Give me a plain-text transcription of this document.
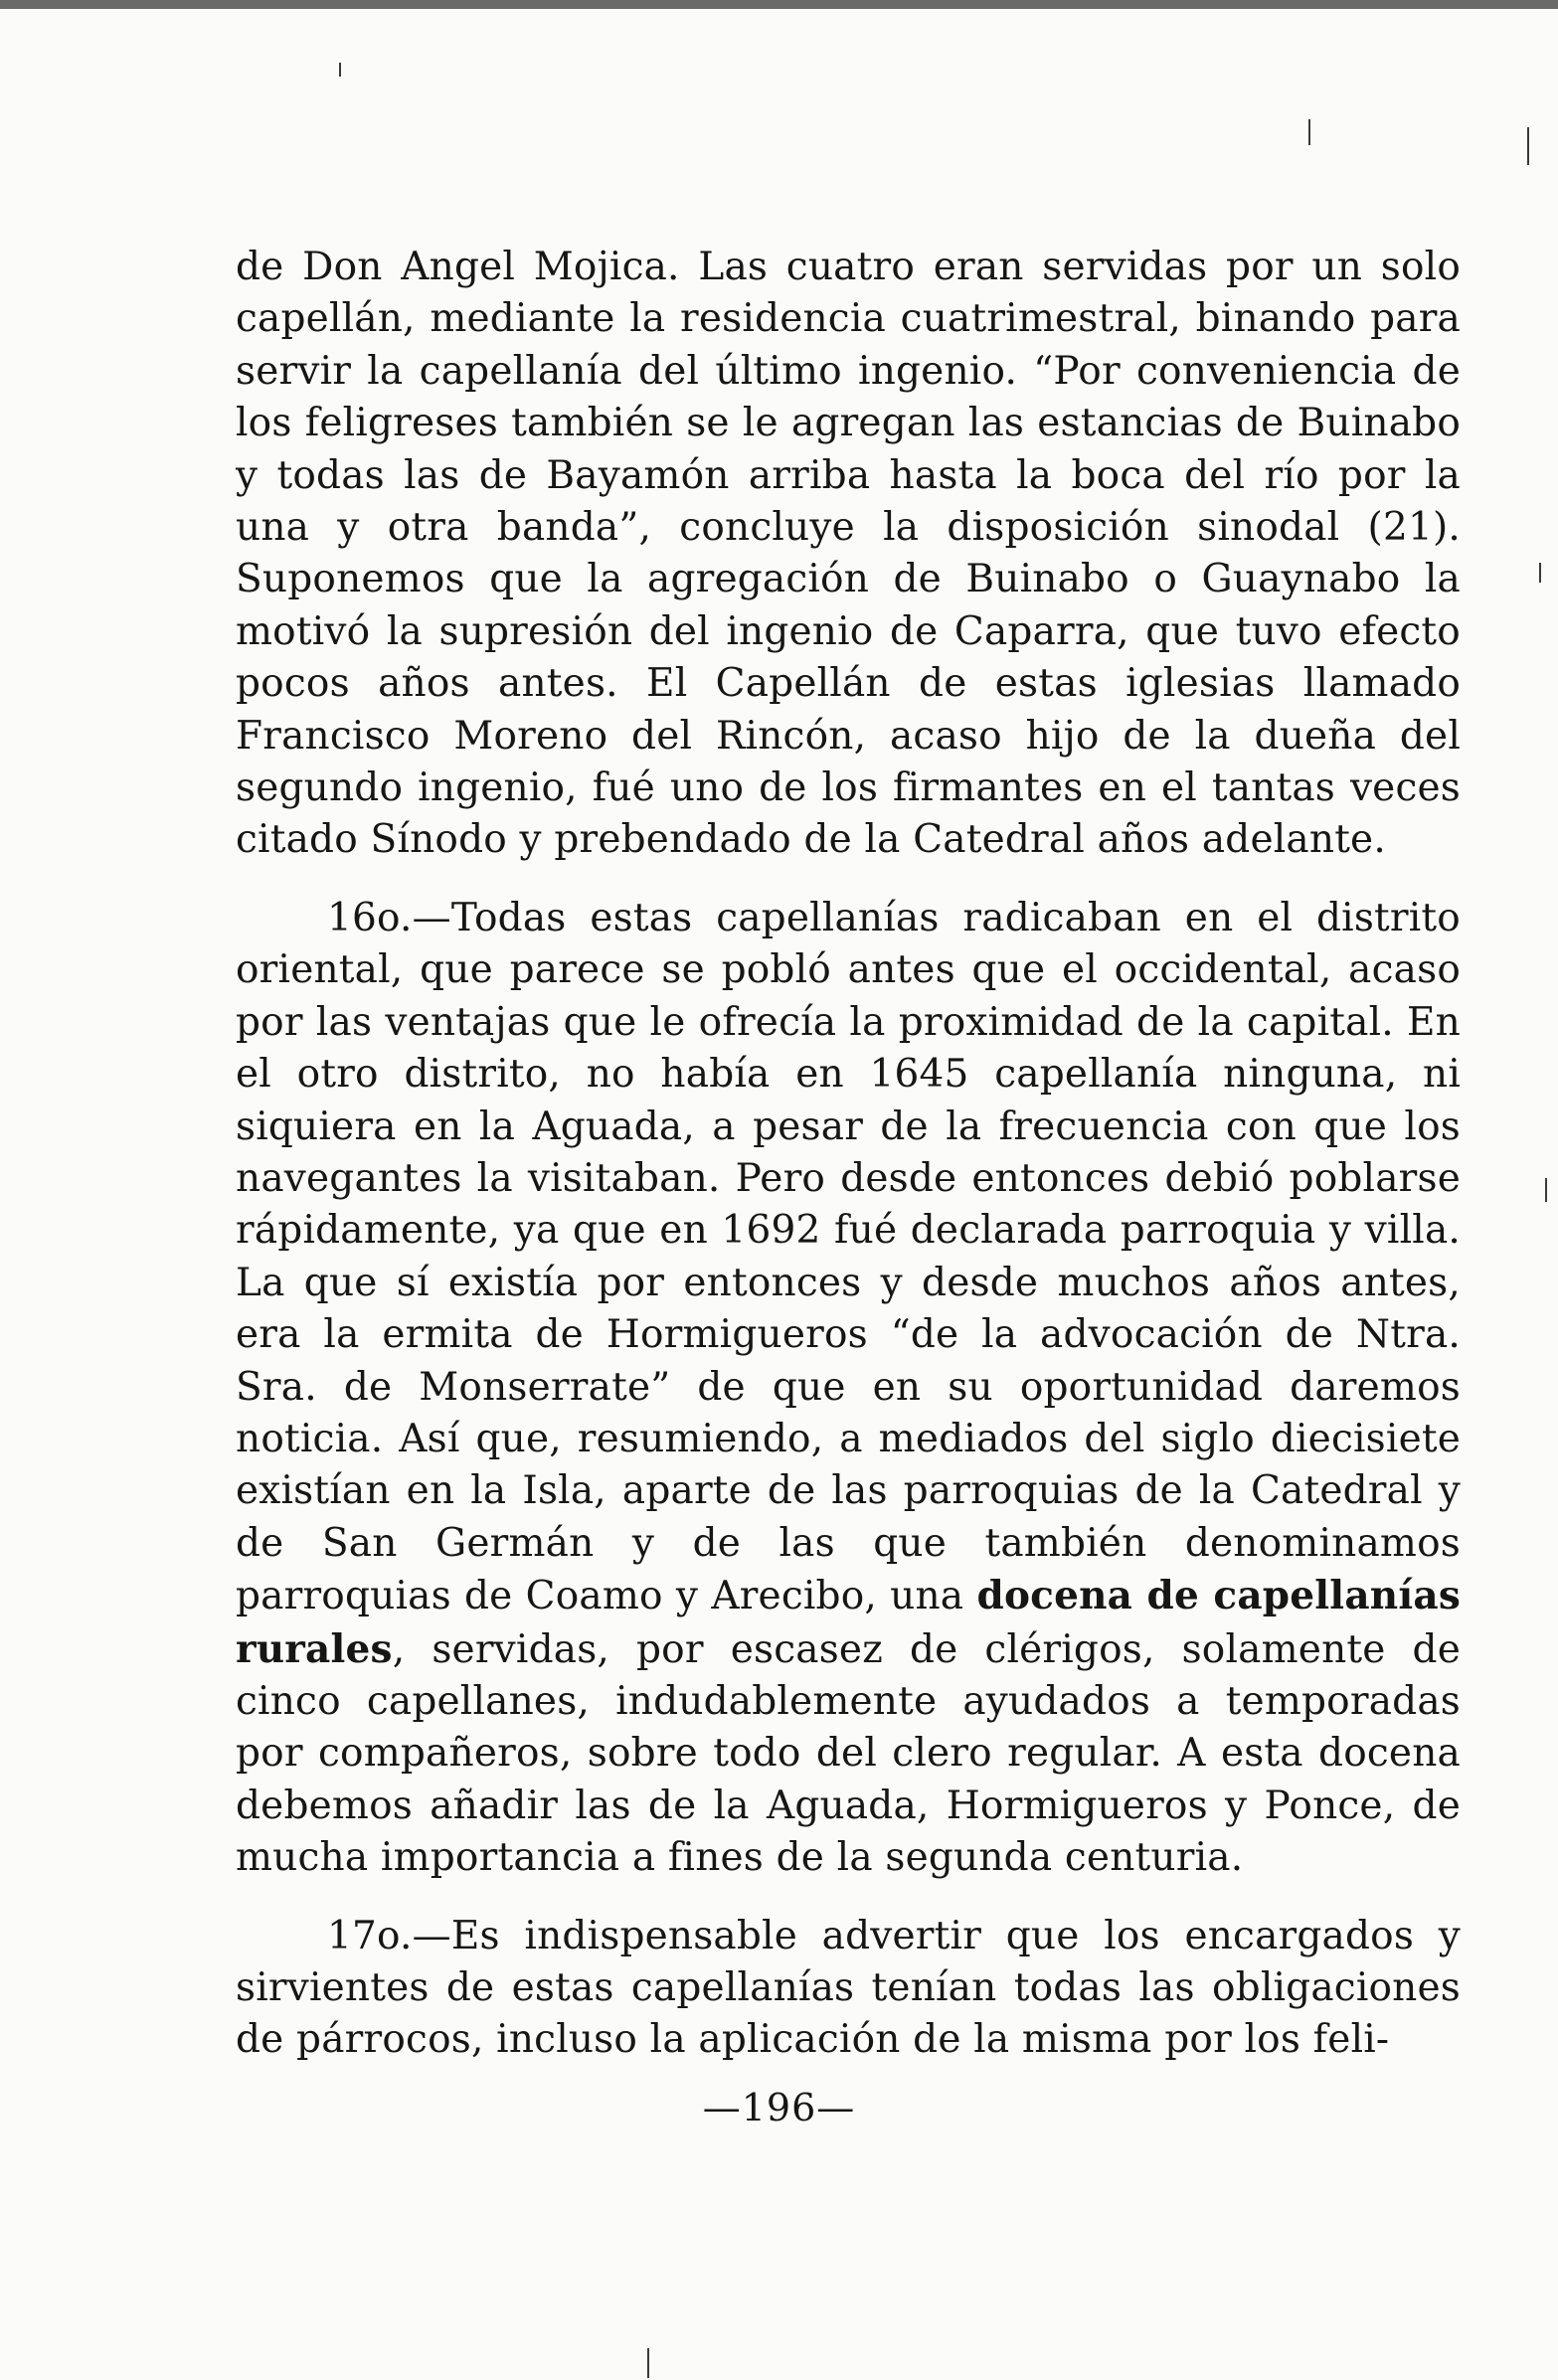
de Don Angel Mojica. Las cuatro eran servidas por un solo capellán, mediante la residencia cuatrimestral, binando para servir la capellanía del último ingenio. “Por conveniencia de los feligreses también se le agregan las estancias de Buinabo y todas las de Bayamón arriba hasta la boca del río por la una y otra banda”, concluye la disposición sinodal (21). Suponemos que la agregación de Buinabo o Guaynabo la motivó la supresión del ingenio de Caparra, que tuvo efecto pocos años antes. El Capellán de estas iglesias llamado Francisco Moreno del Rincón, acaso hijo de la dueña del segundo ingenio, fué uno de los firmantes en el tantas veces citado Sínodo y prebendado de la Catedral años adelante.

16o.—Todas estas capellanías radicaban en el distrito oriental, que parece se pobló antes que el occidental, acaso por las ventajas que le ofrecía la proximidad de la capital. En el otro distrito, no había en 1645 capellanía ninguna, ni siquiera en la Aguada, a pesar de la frecuencia con que los navegantes la visitaban. Pero desde entonces debió poblarse rápidamente, ya que en 1692 fué declarada parroquia y villa. La que sí existía por entonces y desde muchos años antes, era la ermita de Hormigueros “de la advocación de Ntra. Sra. de Monserrate” de que en su oportunidad daremos noticia. Así que, resumiendo, a mediados del siglo diecisiete existían en la Isla, aparte de las parroquias de la Catedral y de San Germán y de las que también denominamos parroquias de Coamo y Arecibo, una docena de capellanías rurales, servidas, por escasez de clérigos, solamente de cinco capellanes, indudablemente ayudados a temporadas por compañeros, sobre todo del clero regular. A esta docena debemos añadir las de la Aguada, Hormigueros y Ponce, de mucha importancia a fines de la segunda centuria.

17o.—Es indispensable advertir que los encargados y sirvientes de estas capellanías tenían todas las obligaciones de párrocos, incluso la aplicación de la misma por los feli-

—196—
